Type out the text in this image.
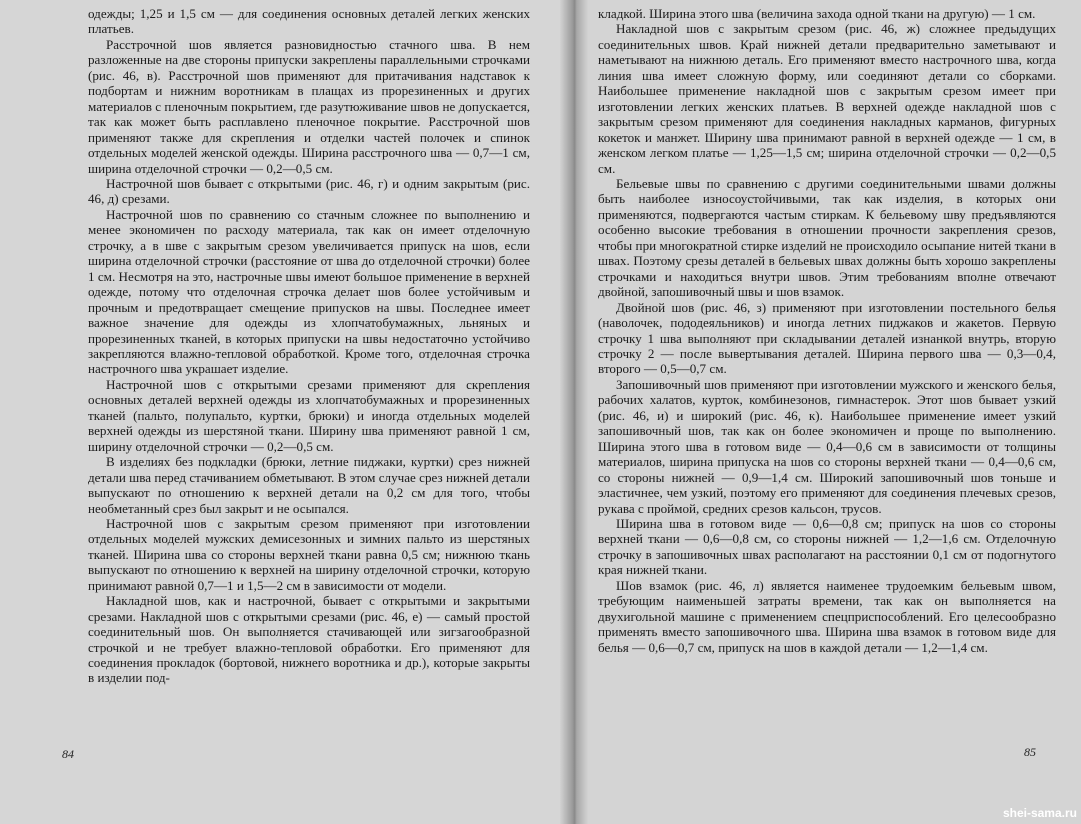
одежды; 1,25 и 1,5 см — для соединения основных деталей легких женских платьев.

Расстрочной шов является разновидностью стачного шва. В нем разложенные на две стороны припуски закреплены параллельными строчками (рис. 46, в). Расстрочной шов применяют для притачивания надставок к подбортам и нижним воротникам в плащах из прорезиненных и других материалов с пленочным покрытием, где разутюживание швов не допускается, так как может быть расплавлено пленочное покрытие. Расстрочной шов применяют также для скрепления и отделки частей полочек и спинок отдельных моделей женской одежды. Ширина расстрочного шва — 0,7—1 см, ширина отделочной строчки — 0,2—0,5 см.

Настрочной шов бывает с открытыми (рис. 46, г) и одним закрытым (рис. 46, д) срезами.

Настрочной шов по сравнению со стачным сложнее по выполнению и менее экономичен по расходу материала, так как он имеет отделочную строчку, а в шве с закрытым срезом увеличивается припуск на шов, если ширина отделочной строчки (расстояние от шва до отделочной строчки) более 1 см. Несмотря на это, настрочные швы имеют большое применение в верхней одежде, потому что отделочная строчка делает шов более устойчивым и прочным и предотвращает смещение припусков на швы. Последнее имеет важное значение для одежды из хлопчатобумажных, льняных и прорезиненных тканей, в которых припуски на швы недостаточно устойчиво закрепляются влажно-тепловой обработкой. Кроме того, отделочная строчка настрочного шва украшает изделие.

Настрочной шов с открытыми срезами применяют для скрепления основных деталей верхней одежды из хлопчатобумажных и прорезиненных тканей (пальто, полупальто, куртки, брюки) и иногда отдельных моделей верхней одежды из шерстяной ткани. Ширину шва применяют равной 1 см, ширину отделочной строчки — 0,2—0,5 см.

В изделиях без подкладки (брюки, летние пиджаки, куртки) срез нижней детали шва перед стачиванием обметывают. В этом случае срез нижней детали выпускают по отношению к верхней детали на 0,2 см для того, чтобы необметанный срез был закрыт и не осыпался.

Настрочной шов с закрытым срезом применяют при изготовлении отдельных моделей мужских демисезонных и зимних пальто из шерстяных тканей. Ширина шва со стороны верхней ткани равна 0,5 см; нижнюю ткань выпускают по отношению к верхней на ширину отделочной строчки, которую принимают равной 0,7—1 и 1,5—2 см в зависимости от модели.

Накладной шов, как и настрочной, бывает с открытыми и закрытыми срезами. Накладной шов с открытыми срезами (рис. 46, е) — самый простой соединительный шов. Он выполняется стачивающей или зигзагообразной строчкой и не требует влажно-тепловой обработки. Его применяют для соединения прокладок (бортовой, нижнего воротника и др.), которые закрыты в изделии под-

84

кладкой. Ширина этого шва (величина захода одной ткани на другую) — 1 см.

Накладной шов с закрытым срезом (рис. 46, ж) сложнее предыдущих соединительных швов. Край нижней детали предварительно заметывают и наметывают на нижнюю деталь. Его применяют вместо настрочного шва, когда линия шва имеет сложную форму, или соединяют детали со сборками. Наибольшее применение накладной шов с закрытым срезом имеет при изготовлении легких женских платьев. В верхней одежде накладной шов с закрытым срезом применяют для соединения накладных карманов, фигурных кокеток и манжет. Ширину шва принимают равной в верхней одежде — 1 см, в женском легком платье — 1,25—1,5 см; ширина отделочной строчки — 0,2—0,5 см.

Бельевые швы по сравнению с другими соединительными швами должны быть наиболее износоустойчивыми, так как изделия, в которых они применяются, подвергаются частым стиркам. К бельевому шву предъявляются особенно высокие требования в отношении прочности закрепления срезов, чтобы при многократной стирке изделий не происходило осыпание нитей ткани в швах. Поэтому срезы деталей в бельевых швах должны быть хорошо закреплены строчками и находиться внутри швов. Этим требованиям вполне отвечают двойной, запошивочный швы и шов взамок.

Двойной шов (рис. 46, з) применяют при изготовлении постельного белья (наволочек, пододеяльников) и иногда летних пиджаков и жакетов. Первую строчку 1 шва выполняют при складывании деталей изнанкой внутрь, вторую строчку 2 — после вывертывания деталей. Ширина первого шва — 0,3—0,4, второго — 0,5—0,7 см.

Запошивочный шов применяют при изготовлении мужского и женского белья, рабочих халатов, курток, комбинезонов, гимнастерок. Этот шов бывает узкий (рис. 46, и) и широкий (рис. 46, к). Наибольшее применение имеет узкий запошивочный шов, так как он более экономичен и проще по выполнению. Ширина этого шва в готовом виде — 0,4—0,6 см в зависимости от толщины материалов, ширина припуска на шов со стороны верхней ткани — 0,4—0,6 см, со стороны нижней — 0,9—1,4 см. Широкий запошивочный шов тоньше и эластичнее, чем узкий, поэтому его применяют для соединения плечевых срезов, рукава с проймой, средних срезов кальсон, трусов.

Ширина шва в готовом виде — 0,6—0,8 см; припуск на шов со стороны верхней ткани — 0,6—0,8 см, со стороны нижней — 1,2—1,6 см. Отделочную строчку в запошивочных швах располагают на расстоянии 0,1 см от подогнутого края нижней ткани.

Шов взамок (рис. 46, л) является наименее трудоемким бельевым швом, требующим наименьшей затраты времени, так как он выполняется на двухигольной машине с применением спецприспособлений. Его целесообразно применять вместо запошивочного шва. Ширина шва взамок в готовом виде для белья — 0,6—0,7 см, припуск на шов в каждой детали — 1,2—1,4 см.

85
shei-sama.ru
